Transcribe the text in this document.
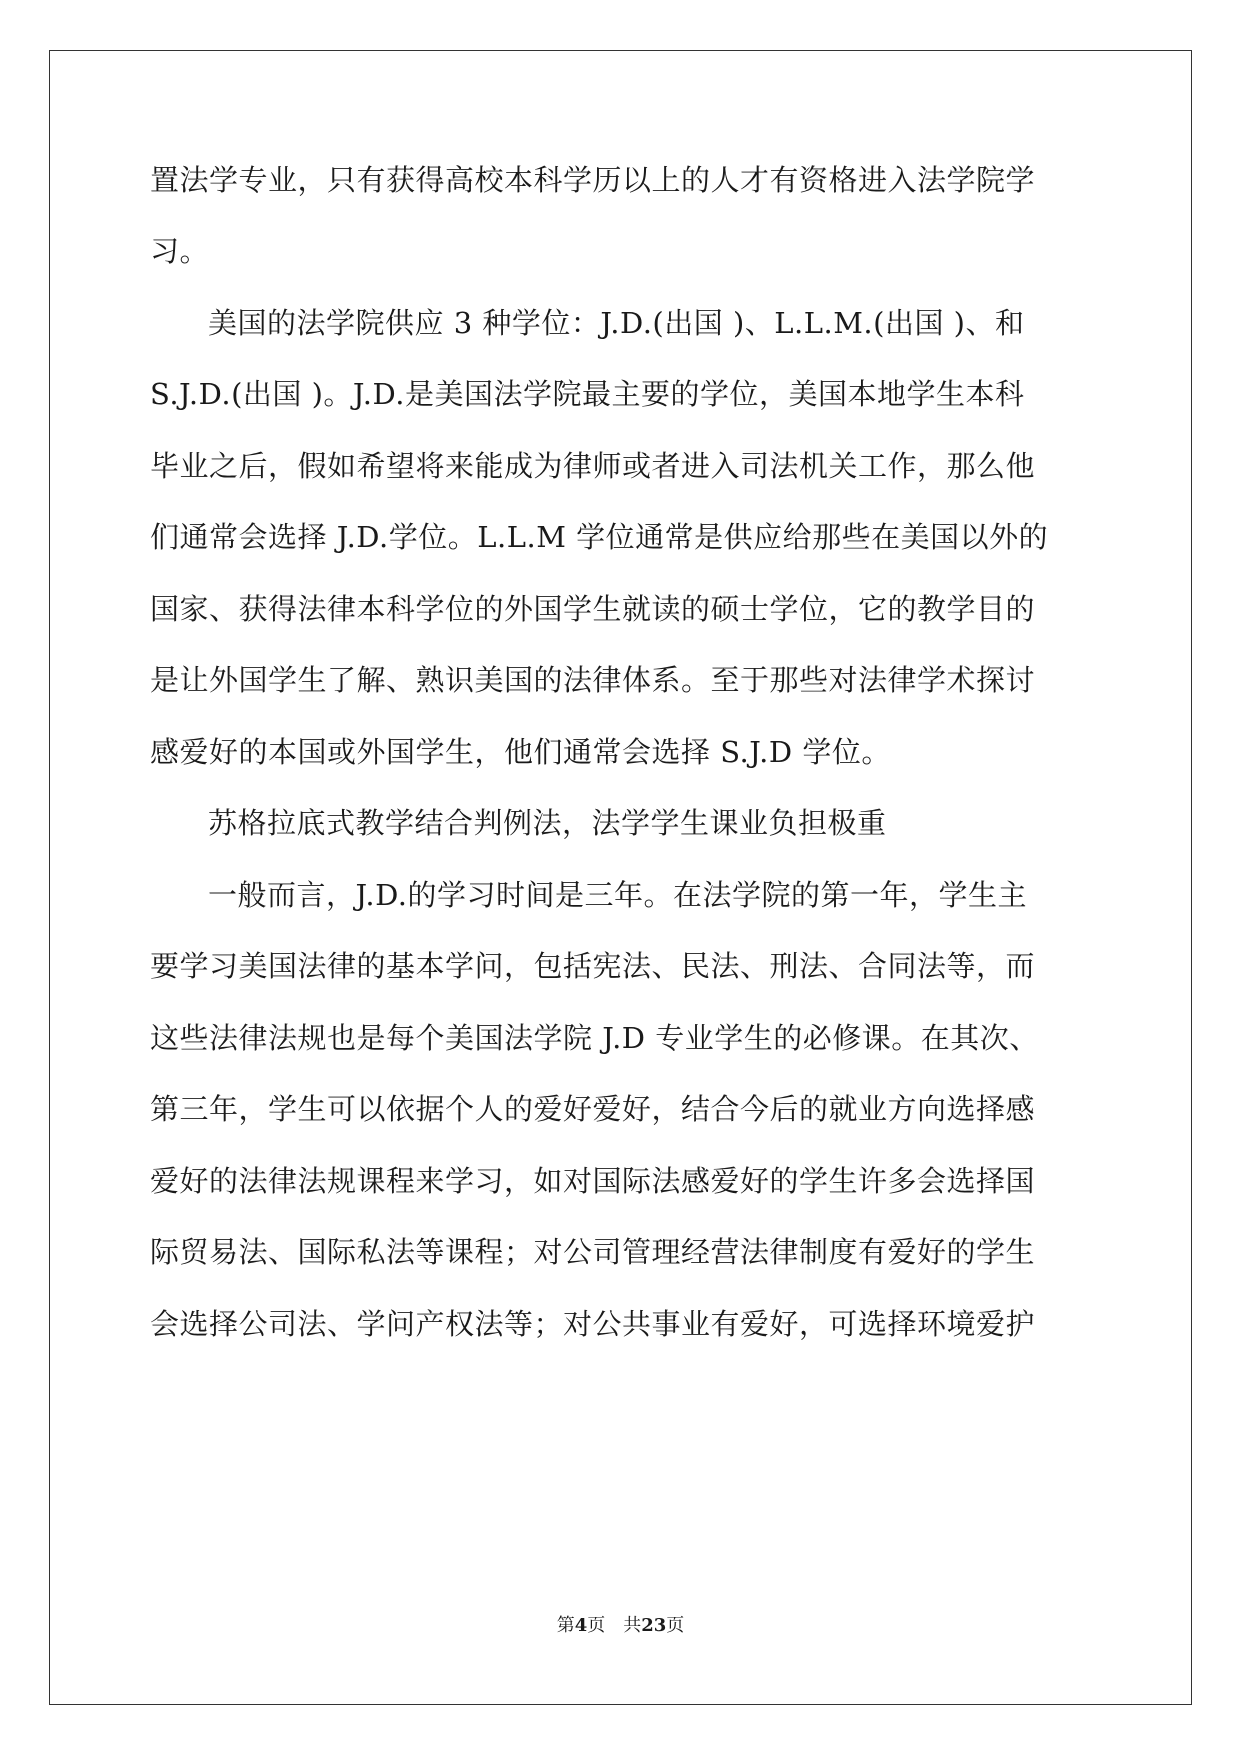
置法学专业，只有获得高校本科学历以上的人才有资格进入法学院学
习。
美国的法学院供应 3 种学位：J.D.(出国 )、L.L.M.(出国 )、和
S.J.D.(出国 )。J.D.是美国法学院最主要的学位，美国本地学生本科
毕业之后，假如希望将来能成为律师或者进入司法机关工作，那么他
们通常会选择 J.D.学位。L.L.M 学位通常是供应给那些在美国以外的
国家、获得法律本科学位的外国学生就读的硕士学位，它的教学目的
是让外国学生了解、熟识美国的法律体系。至于那些对法律学术探讨
感爱好的本国或外国学生，他们通常会选择 S.J.D 学位。
苏格拉底式教学结合判例法，法学学生课业负担极重
一般而言，J.D.的学习时间是三年。在法学院的第一年，学生主
要学习美国法律的基本学问，包括宪法、民法、刑法、合同法等，而
这些法律法规也是每个美国法学院 J.D 专业学生的必修课。在其次、
第三年，学生可以依据个人的爱好爱好，结合今后的就业方向选择感
爱好的法律法规课程来学习，如对国际法感爱好的学生许多会选择国
际贸易法、国际私法等课程；对公司管理经营法律制度有爱好的学生
会选择公司法、学问产权法等；对公共事业有爱好，可选择环境爱护
第4页 共23页
